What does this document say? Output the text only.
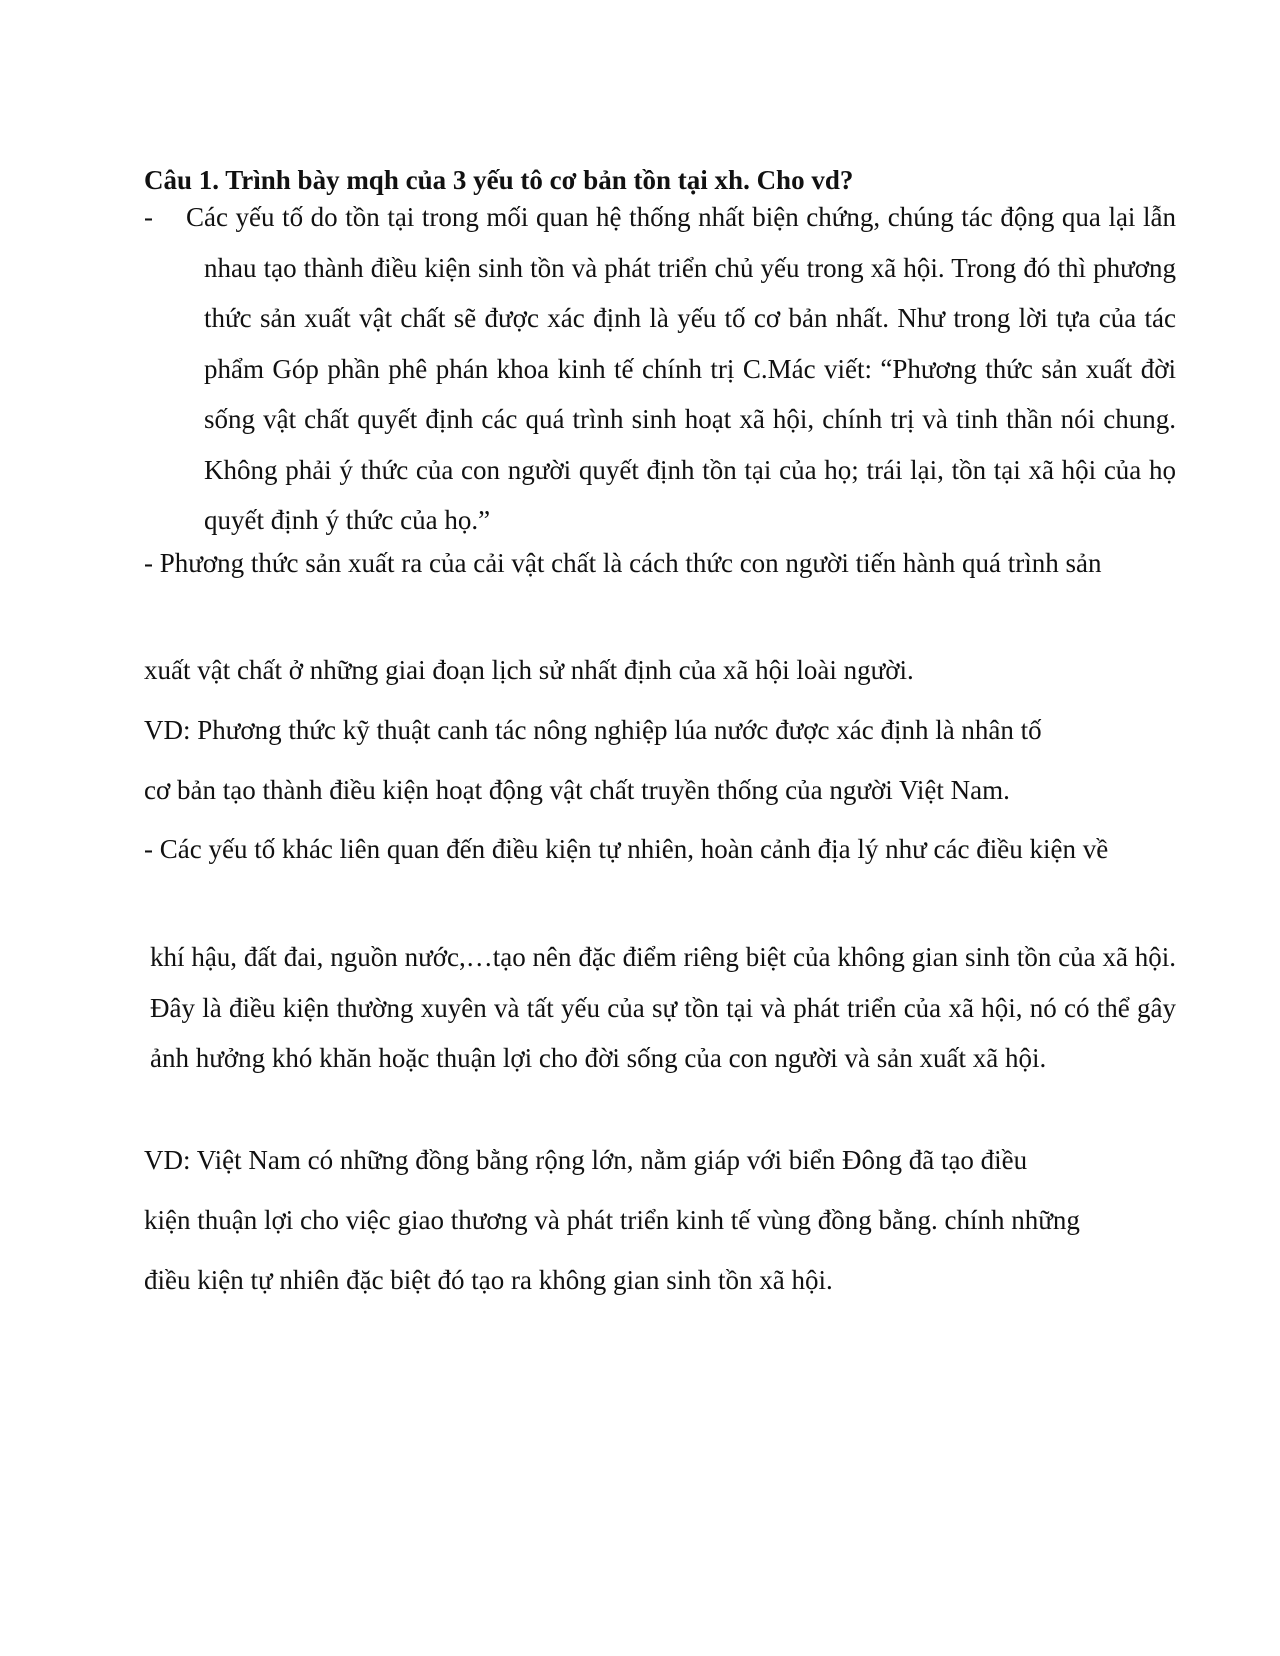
Câu 1. Trình bày mqh của 3 yếu tô cơ bản tồn tại xh. Cho vd?
- Các yếu tố do tồn tại trong mối quan hệ thống nhất biện chứng, chúng tác động qua lại lẫn nhau tạo thành điều kiện sinh tồn và phát triển chủ yếu trong xã hội. Trong đó thì phương thức sản xuất vật chất sẽ được xác định là yếu tố cơ bản nhất. Như trong lời tựa của tác phẩm Góp phần phê phán khoa kinh tế chính trị C.Mác viết: “Phương thức sản xuất đời sống vật chất quyết định các quá trình sinh hoạt xã hội, chính trị và tinh thần nói chung. Không phải ý thức của con người quyết định tồn tại của họ; trái lại, tồn tại xã hội của họ quyết định ý thức của họ.”
- Phương thức sản xuất ra của cải vật chất là cách thức con người tiến hành quá trình sản
xuất vật chất ở những giai đoạn lịch sử nhất định của xã hội loài người.
VD: Phương thức kỹ thuật canh tác nông nghiệp lúa nước được xác định là nhân tố
cơ bản tạo thành điều kiện hoạt động vật chất truyền thống của người Việt Nam.
- Các yếu tố khác liên quan đến điều kiện tự nhiên, hoàn cảnh địa lý như các điều kiện về
khí hậu, đất đai, nguồn nước,…tạo nên đặc điểm riêng biệt của không gian sinh tồn của xã hội. Đây là điều kiện thường xuyên và tất yếu của sự tồn tại và phát triển của xã hội, nó có thể gây ảnh hưởng khó khăn hoặc thuận lợi cho đời sống của con người và sản xuất xã hội.
VD: Việt Nam có những đồng bằng rộng lớn, nằm giáp với biển Đông đã tạo điều
kiện thuận lợi cho việc giao thương và phát triển kinh tế vùng đồng bằng. chính những
điều kiện tự nhiên đặc biệt đó tạo ra không gian sinh tồn xã hội.
